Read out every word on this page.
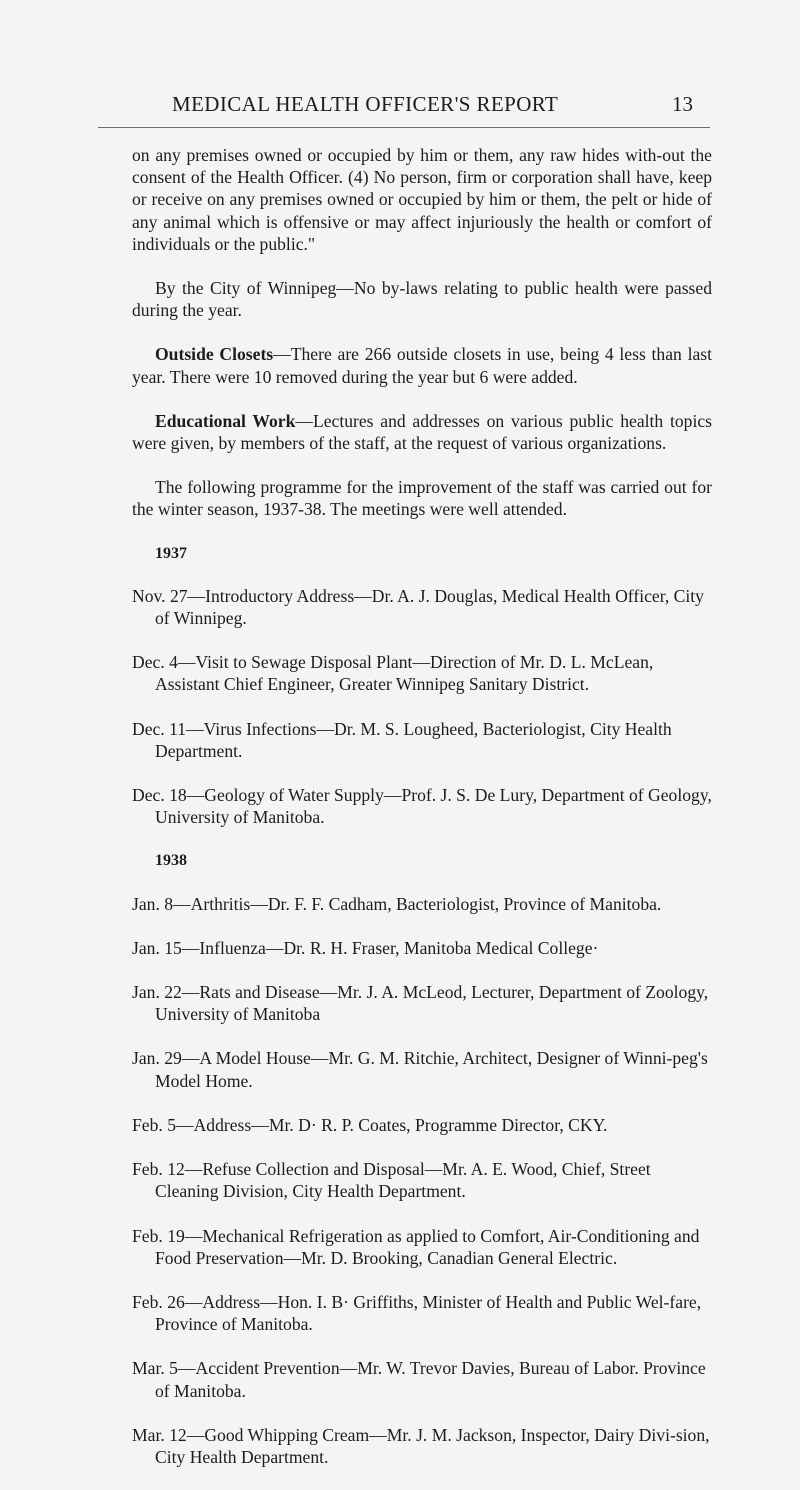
MEDICAL HEALTH OFFICER'S REPORT	13

on any premises owned or occupied by him or them, any raw hides with-out the consent of the Health Officer. (4) No person, firm or corporation shall have, keep or receive on any premises owned or occupied by him or them, the pelt or hide of any animal which is offensive or may affect injuriously the health or comfort of individuals or the public."

By the City of Winnipeg—No by-laws relating to public health were passed during the year.

Outside Closets—There are 266 outside closets in use, being 4 less than last year. There were 10 removed during the year but 6 were added.

Educational Work—Lectures and addresses on various public health topics were given, by members of the staff, at the request of various organizations.

The following programme for the improvement of the staff was carried out for the winter season, 1937-38. The meetings were well attended.

1937

Nov. 27—Introductory Address—Dr. A. J. Douglas, Medical Health Officer, City of Winnipeg.

Dec. 4—Visit to Sewage Disposal Plant—Direction of Mr. D. L. McLean, Assistant Chief Engineer, Greater Winnipeg Sanitary District.

Dec. 11—Virus Infections—Dr. M. S. Lougheed, Bacteriologist, City Health Department.

Dec. 18—Geology of Water Supply—Prof. J. S. De Lury, Department of Geology, University of Manitoba.

1938

Jan. 8—Arthritis—Dr. F. F. Cadham, Bacteriologist, Province of Manitoba.

Jan. 15—Influenza—Dr. R. H. Fraser, Manitoba Medical College·

Jan. 22—Rats and Disease—Mr. J. A. McLeod, Lecturer, Department of Zoology, University of Manitoba

Jan. 29—A Model House—Mr. G. M. Ritchie, Architect, Designer of Winni-peg's Model Home.

Feb. 5—Address—Mr. D· R. P. Coates, Programme Director, CKY.

Feb. 12—Refuse Collection and Disposal—Mr. A. E. Wood, Chief, Street Cleaning Division, City Health Department.

Feb. 19—Mechanical Refrigeration as applied to Comfort, Air-Conditioning and Food Preservation—Mr. D. Brooking, Canadian General Electric.

Feb. 26—Address—Hon. I. B· Griffiths, Minister of Health and Public Wel-fare, Province of Manitoba.

Mar. 5—Accident Prevention—Mr. W. Trevor Davies, Bureau of Labor. Province of Manitoba.

Mar. 12—Good Whipping Cream—Mr. J. M. Jackson, Inspector, Dairy Divi-sion, City Health Department.
